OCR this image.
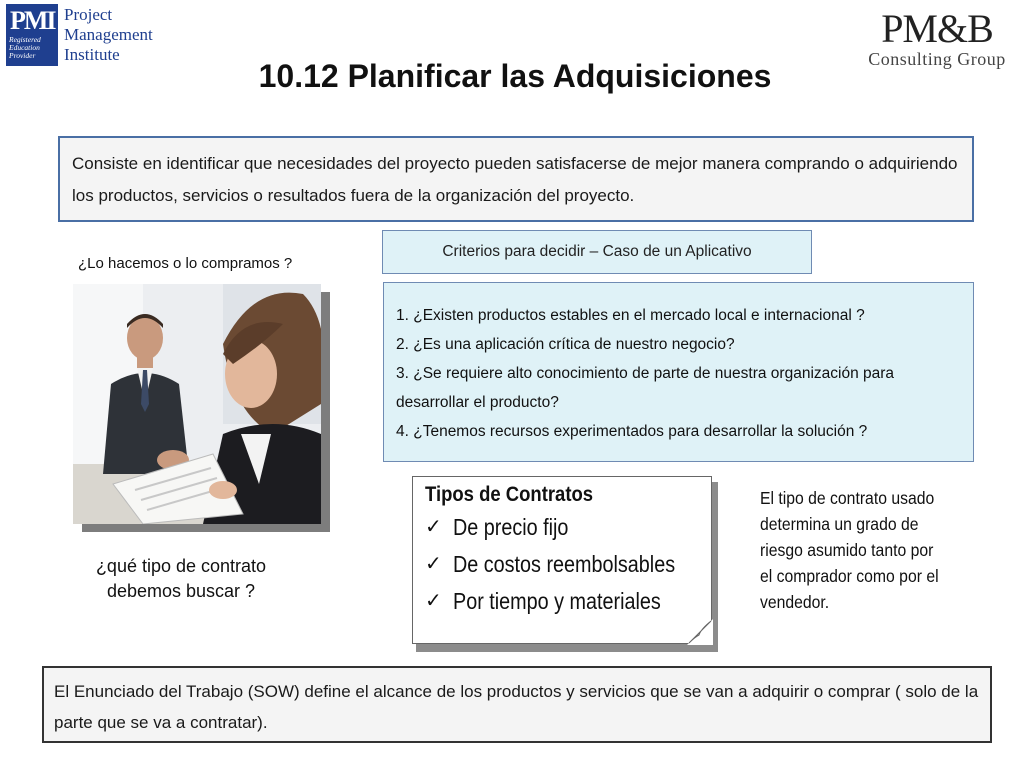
PMI
Registered
Education
Provider
Project
Management
Institute
PM&B
Consulting Group
10.12 Planificar las Adquisiciones
Consiste en identificar que necesidades del proyecto pueden satisfacerse de mejor manera comprando o adquiriendo los productos, servicios o resultados fuera de la organización del proyecto.
¿Lo hacemos o lo compramos ?
Criterios para decidir – Caso de un Aplicativo
1. ¿Existen productos estables en el mercado local e internacional ?
2. ¿Es una aplicación crítica de nuestro negocio?
3. ¿Se requiere alto conocimiento de parte de nuestra organización para desarrollar el producto?
4. ¿Tenemos recursos experimentados para desarrollar la solución ?
¿qué tipo de contrato debemos buscar ?
Tipos de Contratos
✓ De precio fijo
✓ De costos reembolsables
✓ Por tiempo y materiales
El tipo de contrato usado determina un grado de riesgo asumido tanto por el comprador como por el vendedor.
El Enunciado del Trabajo (SOW) define el alcance de los productos y servicios que se van a adquirir o comprar ( solo de la parte que se va a contratar).
